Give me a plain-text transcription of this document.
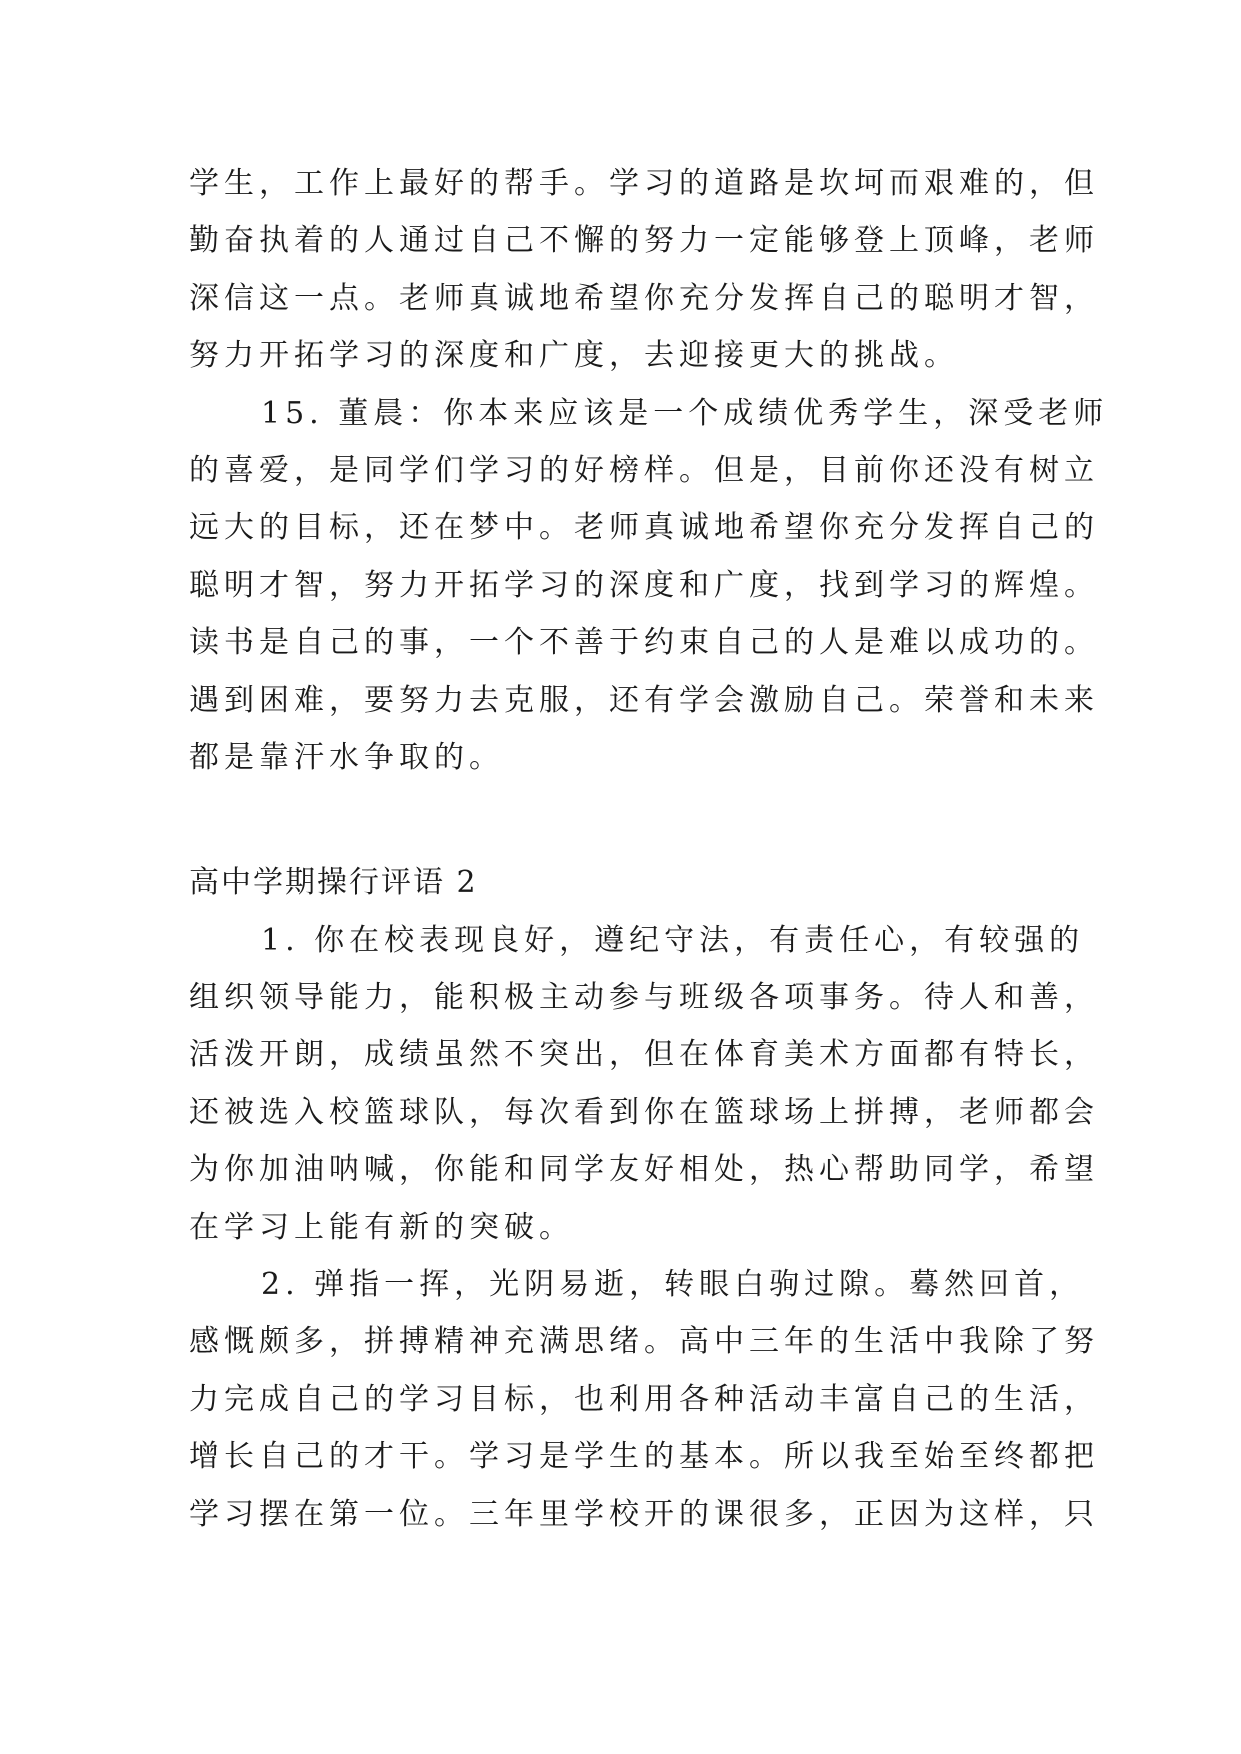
学生，工作上最好的帮手。学习的道路是坎坷而艰难的，但
勤奋执着的人通过自己不懈的努力一定能够登上顶峰，老师
深信这一点。老师真诚地希望你充分发挥自己的聪明才智，
努力开拓学习的深度和广度，去迎接更大的挑战。
15. 董晨：你本来应该是一个成绩优秀学生，深受老师
的喜爱，是同学们学习的好榜样。但是，目前你还没有树立
远大的目标，还在梦中。老师真诚地希望你充分发挥自己的
聪明才智，努力开拓学习的深度和广度，找到学习的辉煌。
读书是自己的事，一个不善于约束自己的人是难以成功的。
遇到困难，要努力去克服，还有学会激励自己。荣誉和未来
都是靠汗水争取的。
高中学期操行评语 2
1. 你在校表现良好，遵纪守法，有责任心，有较强的
组织领导能力，能积极主动参与班级各项事务。待人和善，
活泼开朗，成绩虽然不突出，但在体育美术方面都有特长，
还被选入校篮球队，每次看到你在篮球场上拼搏，老师都会
为你加油呐喊，你能和同学友好相处，热心帮助同学，希望
在学习上能有新的突破。
2. 弹指一挥，光阴易逝，转眼白驹过隙。蓦然回首，
感慨颇多，拼搏精神充满思绪。高中三年的生活中我除了努
力完成自己的学习目标，也利用各种活动丰富自己的生活，
增长自己的才干。学习是学生的基本。所以我至始至终都把
学习摆在第一位。三年里学校开的课很多，正因为这样，只
